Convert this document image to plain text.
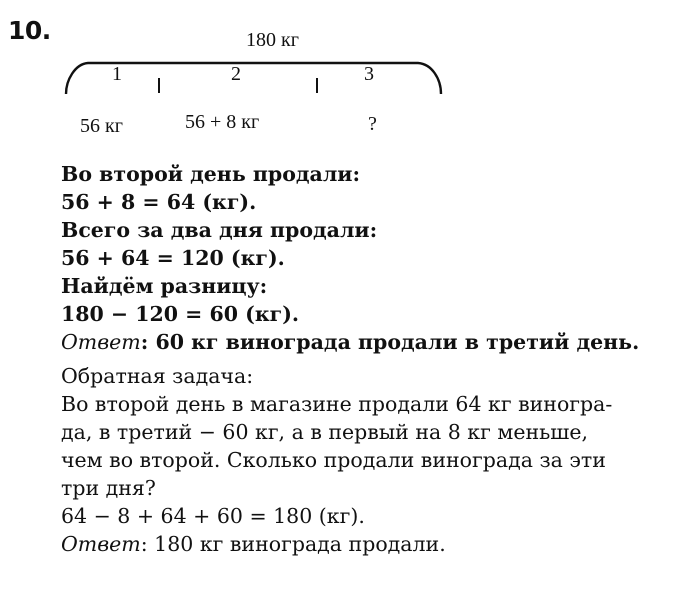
10.	180 кг
1	2	3
56 кг	56 + 8 кг	?
Во второй день продали:
56 + 8 = 64 (кг).
Всего за два дня продали:
56 + 64 = 120 (кг).
Найдём разницу:
180 − 120 = 60 (кг).
Ответ: 60 кг винограда продали в третий день.
Обратная задача:
Во второй день в магазине продали 64 кг виногра-
да, в третий − 60 кг, а в первый на 8 кг меньше,
чем во второй. Сколько продали винограда за эти
три дня?
64 − 8 + 64 + 60 = 180 (кг).
Ответ: 180 кг винограда продали.
